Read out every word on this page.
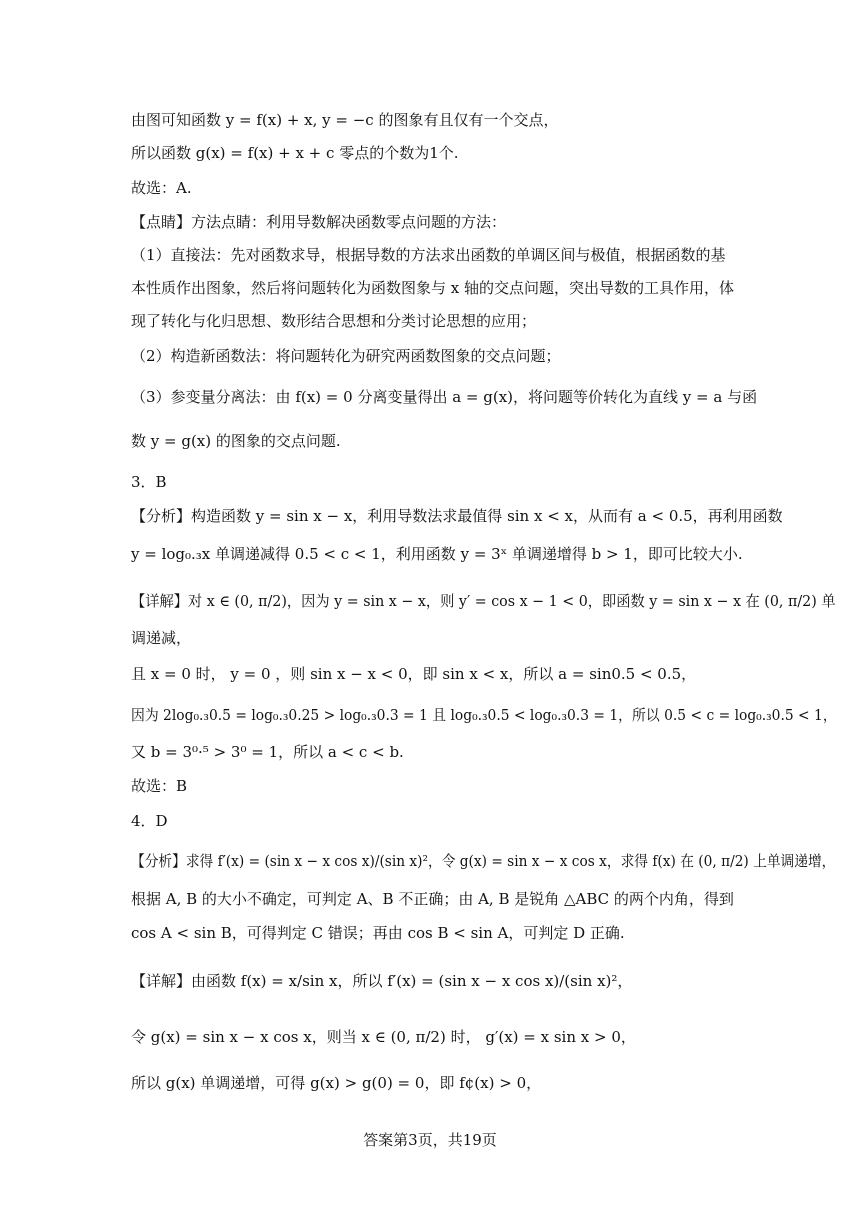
由图可知函数 y = f(x) + x, y = −c 的图象有且仅有一个交点，
所以函数 g(x) = f(x) + x + c 零点的个数为1个.
故选：A.
【点睛】方法点睛：利用导数解决函数零点问题的方法：
（1）直接法：先对函数求导，根据导数的方法求出函数的单调区间与极值，根据函数的基
本性质作出图象，然后将问题转化为函数图象与 x 轴的交点问题，突出导数的工具作用，体
现了转化与化归思想、数形结合思想和分类讨论思想的应用；
（2）构造新函数法：将问题转化为研究两函数图象的交点问题；
（3）参变量分离法：由 f(x) = 0 分离变量得出 a = g(x)，将问题等价转化为直线 y = a 与函
数 y = g(x) 的图象的交点问题.
3．B
【分析】构造函数 y = sin x − x，利用导数法求最值得 sin x < x，从而有 a < 0.5，再利用函数
y = log₀.₃x 单调递减得 0.5 < c < 1，利用函数 y = 3ˣ 单调递增得 b > 1，即可比较大小.
【详解】对 x ∈ (0, π/2)，因为 y = sin x − x，则 y′ = cos x − 1 < 0，即函数 y = sin x − x 在 (0, π/2) 单
调递减，
且 x = 0 时， y = 0 ，则 sin x − x < 0，即 sin x < x，所以 a = sin0.5 < 0.5，
因为 2log₀.₃0.5 = log₀.₃0.25 > log₀.₃0.3 = 1 且 log₀.₃0.5 < log₀.₃0.3 = 1，所以 0.5 < c = log₀.₃0.5 < 1，
又 b = 3⁰·⁵ > 3⁰ = 1，所以 a < c < b.
故选：B
4．D
【分析】求得 f′(x) = (sin x − x cos x)/(sin x)²，令 g(x) = sin x − x cos x，求得 f(x) 在 (0, π/2) 上单调递增，
根据 A, B 的大小不确定，可判定 A、B 不正确；由 A, B 是锐角 △ABC 的两个内角，得到
cos A < sin B，可得判定 C 错误；再由 cos B < sin A，可判定 D 正确.
【详解】由函数 f(x) = x/sin x，所以 f′(x) = (sin x − x cos x)/(sin x)²，
令 g(x) = sin x − x cos x，则当 x ∈ (0, π/2) 时， g′(x) = x sin x > 0，
所以 g(x) 单调递增，可得 g(x) > g(0) = 0，即 f¢(x) > 0，
答案第3页，共19页
